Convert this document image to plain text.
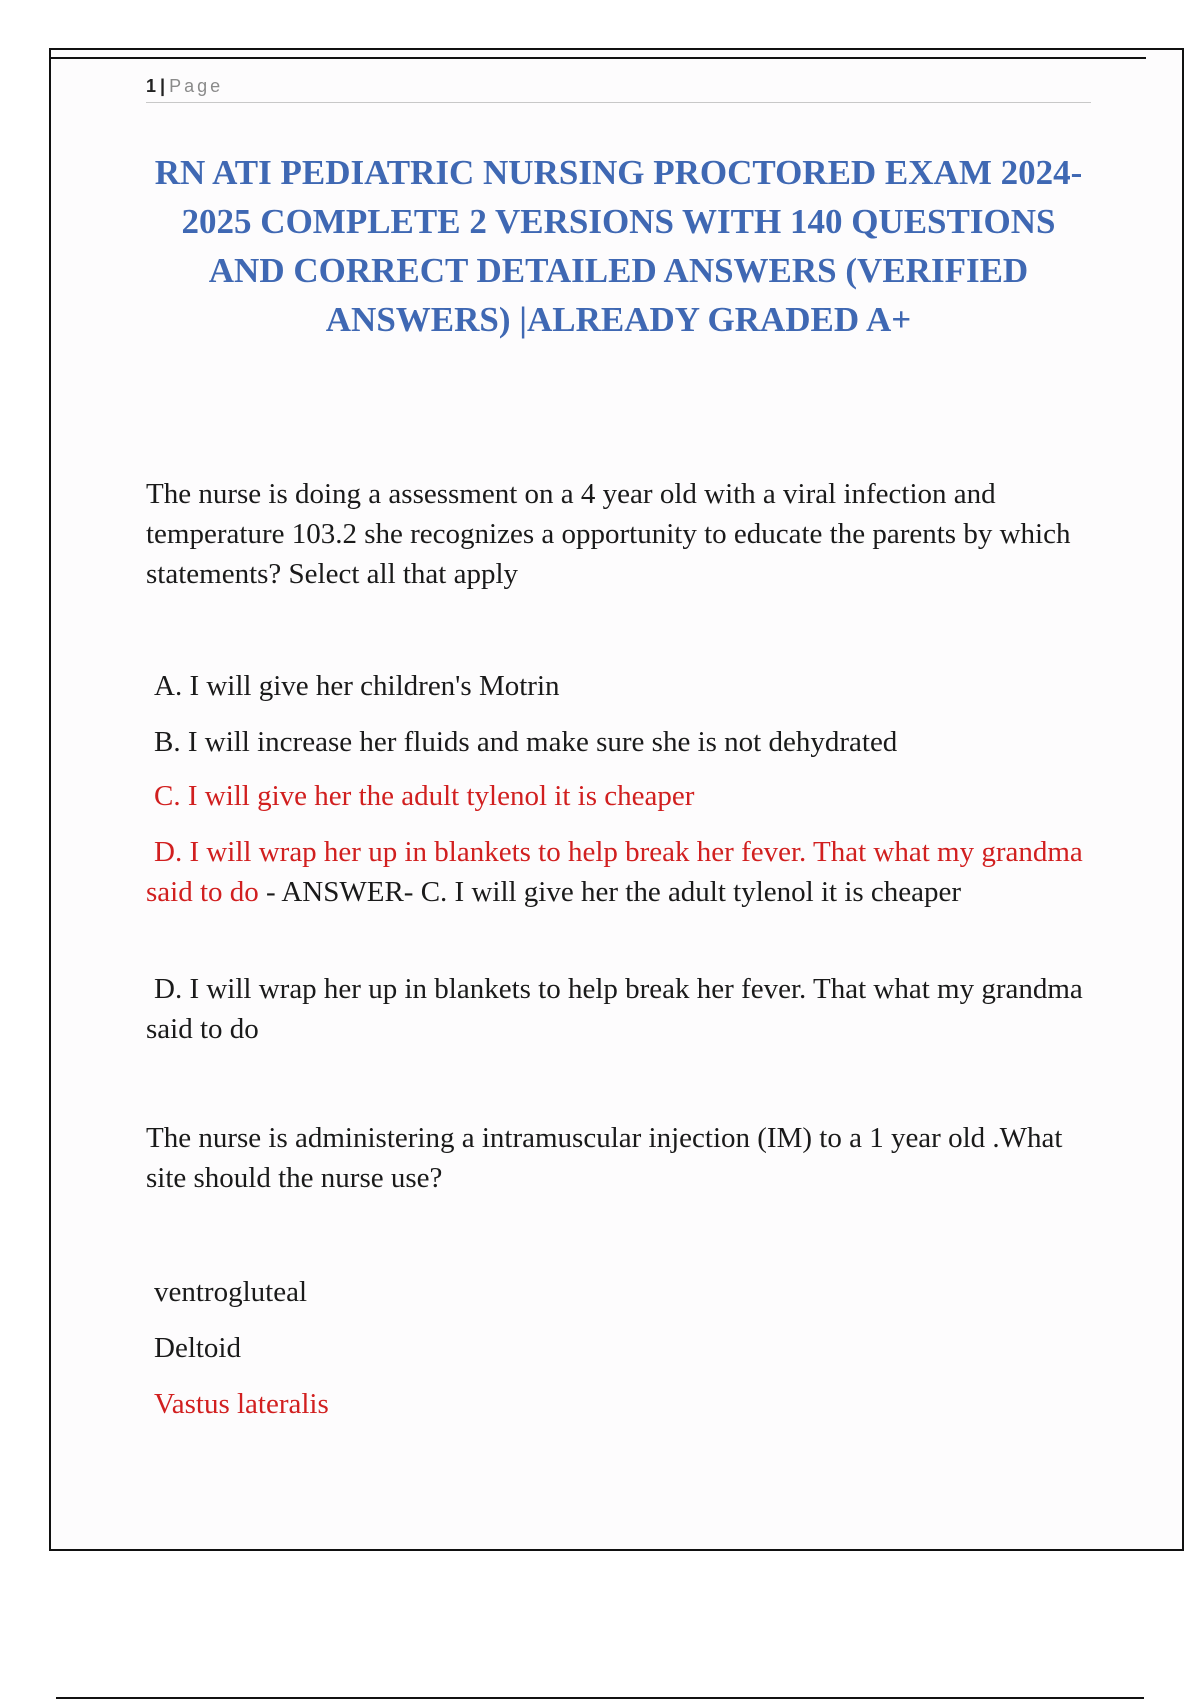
1 | Page
RN ATI PEDIATRIC NURSING PROCTORED EXAM 2024-2025 COMPLETE 2 VERSIONS WITH 140 QUESTIONS AND CORRECT DETAILED ANSWERS (VERIFIED ANSWERS) |ALREADY GRADED A+

The nurse is doing a assessment on a 4 year old with a viral infection and temperature 103.2 she recognizes a opportunity to educate the parents by which statements? Select all that apply

A. I will give her children's Motrin

B. I will increase her fluids and make sure she is not dehydrated

C. I will give her the adult tylenol it is cheaper

D. I will wrap her up in blankets to help break her fever. That what my grandma said to do - ANSWER- C. I will give her the adult tylenol it is cheaper

D. I will wrap her up in blankets to help break her fever. That what my grandma said to do

The nurse is administering a intramuscular injection (IM) to a 1 year old .What site should the nurse use?

ventrogluteal

Deltoid

Vastus lateralis
